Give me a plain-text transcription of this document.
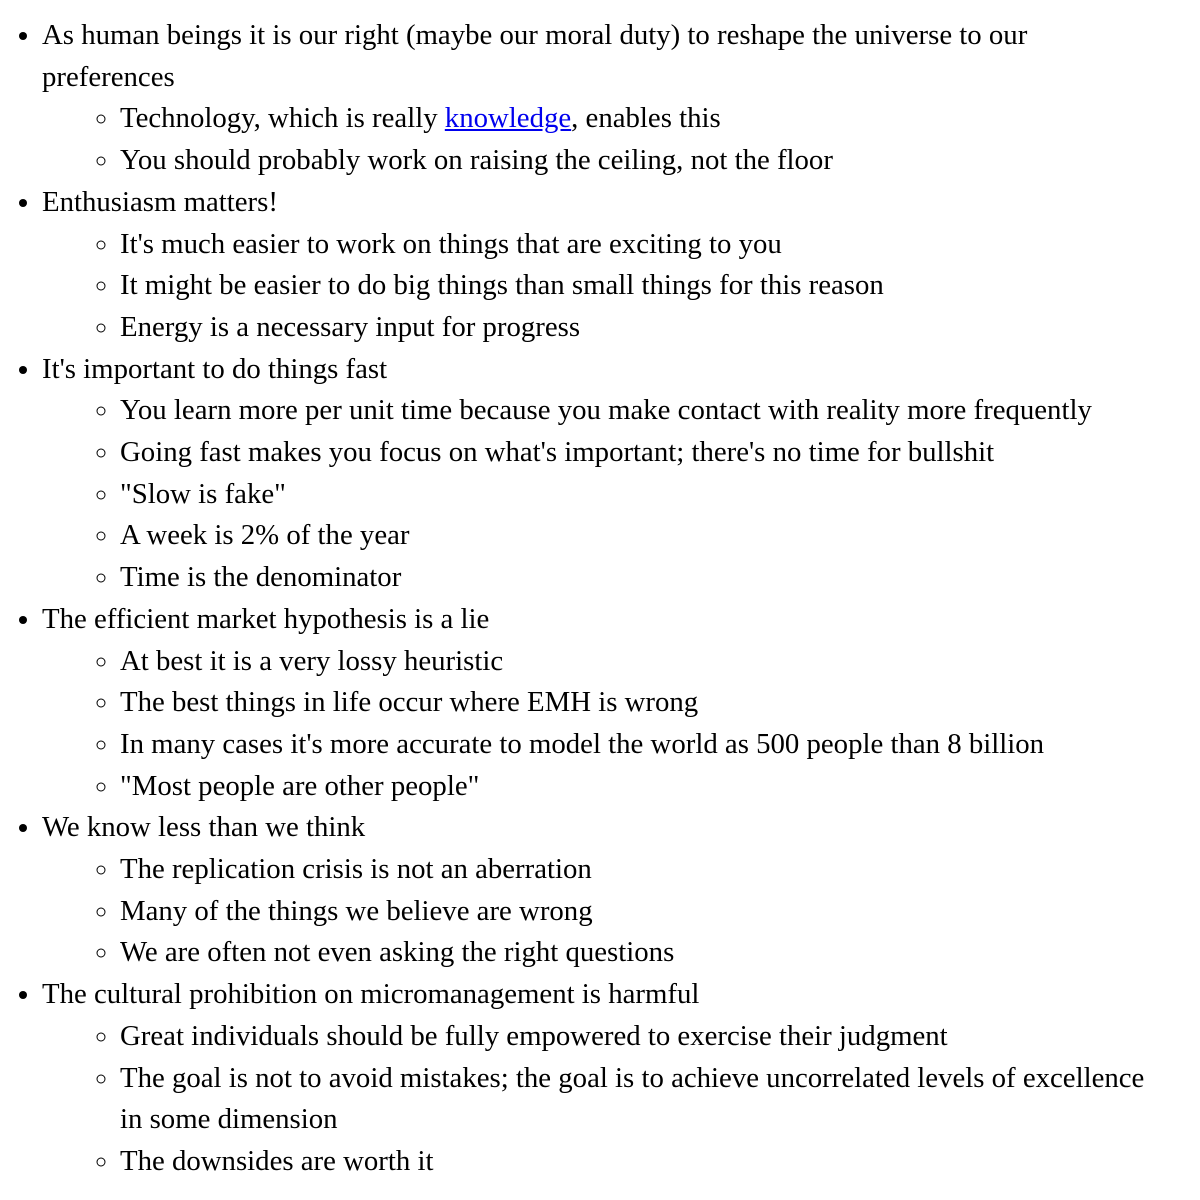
• As human beings it is our right (maybe our moral duty) to reshape the universe to our
preferences
◦ Technology, which is really knowledge, enables this
◦ You should probably work on raising the ceiling, not the floor
• Enthusiasm matters!
◦ It's much easier to work on things that are exciting to you
◦ It might be easier to do big things than small things for this reason
◦ Energy is a necessary input for progress
• It's important to do things fast
◦ You learn more per unit time because you make contact with reality more frequently
◦ Going fast makes you focus on what's important; there's no time for bullshit
◦ "Slow is fake"
◦ A week is 2% of the year
◦ Time is the denominator
• The efficient market hypothesis is a lie
◦ At best it is a very lossy heuristic
◦ The best things in life occur where EMH is wrong
◦ In many cases it's more accurate to model the world as 500 people than 8 billion
◦ "Most people are other people"
• We know less than we think
◦ The replication crisis is not an aberration
◦ Many of the things we believe are wrong
◦ We are often not even asking the right questions
• The cultural prohibition on micromanagement is harmful
◦ Great individuals should be fully empowered to exercise their judgment
◦ The goal is not to avoid mistakes; the goal is to achieve uncorrelated levels of excellence
in some dimension
◦ The downsides are worth it
